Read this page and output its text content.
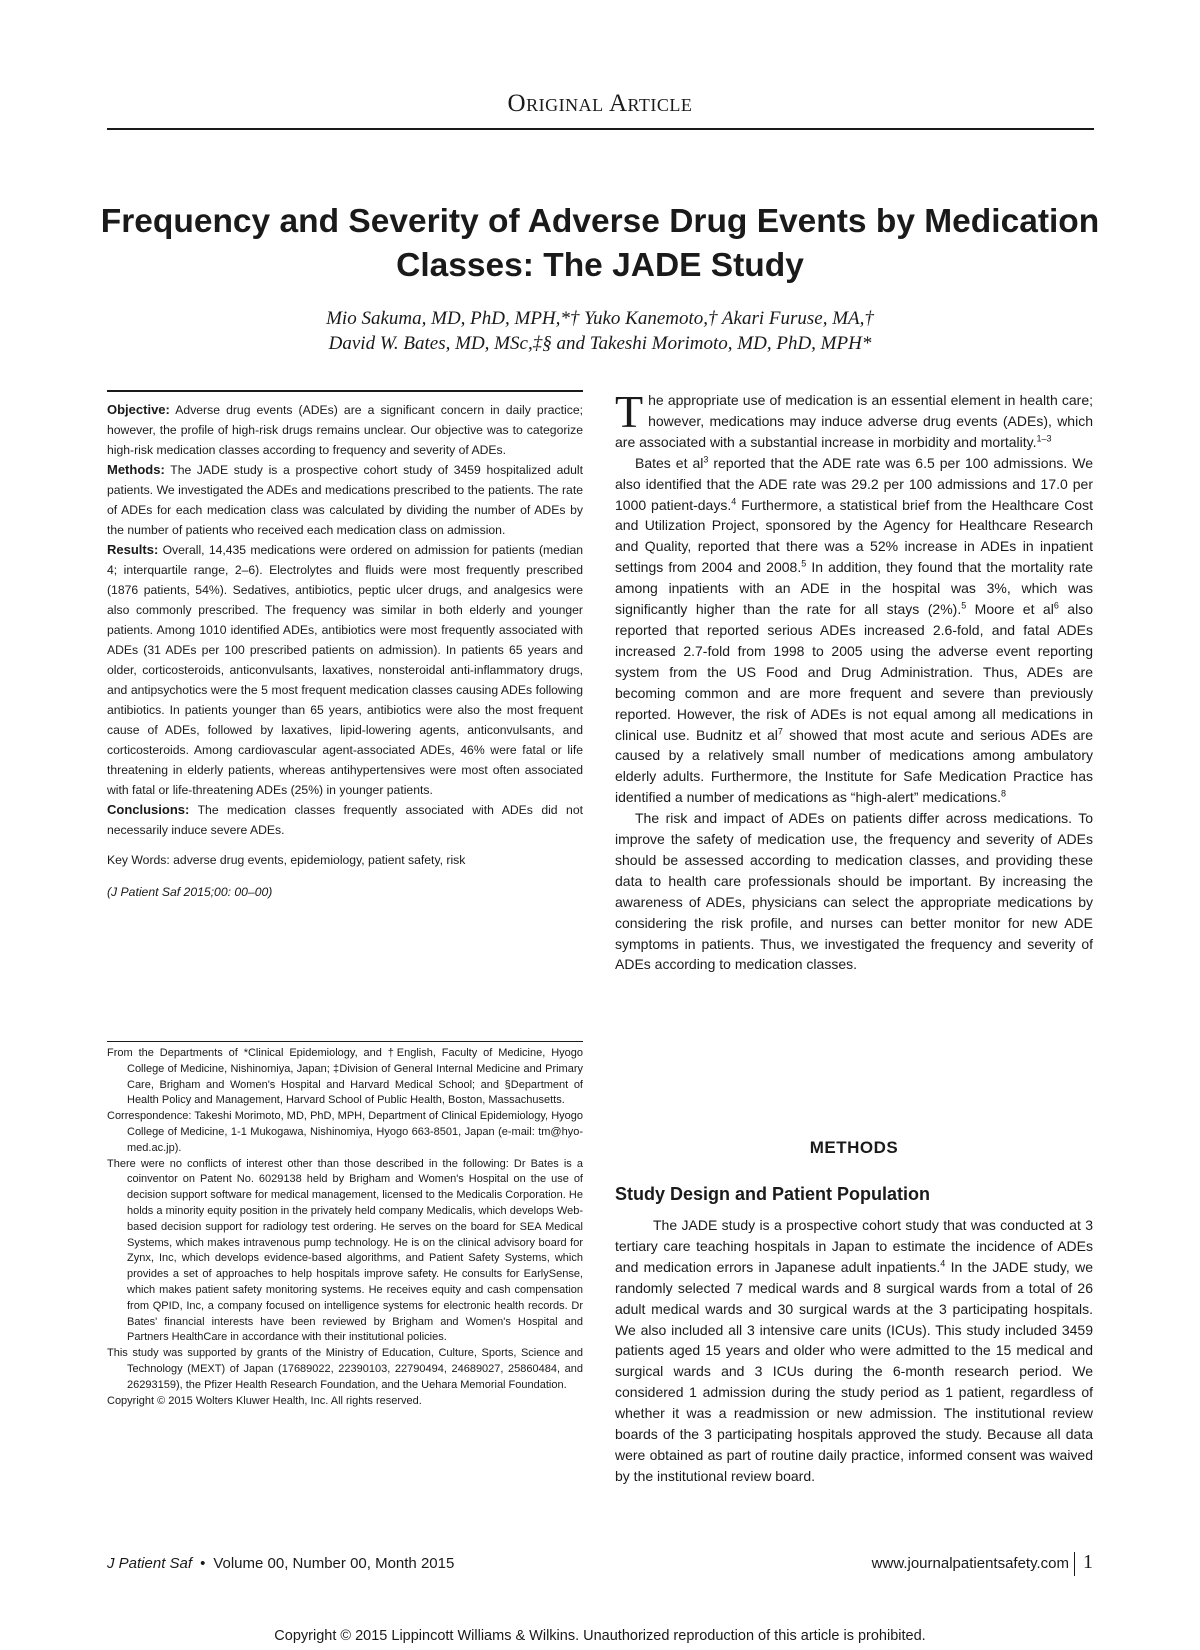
Original Article
Frequency and Severity of Adverse Drug Events by Medication Classes: The JADE Study
Mio Sakuma, MD, PhD, MPH,*† Yuko Kanemoto,† Akari Furuse, MA,†
David W. Bates, MD, MSc,‡§ and Takeshi Morimoto, MD, PhD, MPH*

Objective: Adverse drug events (ADEs) are a significant concern in daily practice; however, the profile of high-risk drugs remains unclear. Our objective was to categorize high-risk medication classes according to frequency and severity of ADEs.

Methods: The JADE study is a prospective cohort study of 3459 hospitalized adult patients. We investigated the ADEs and medications prescribed to the patients. The rate of ADEs for each medication class was calculated by dividing the number of ADEs by the number of patients who received each medication class on admission.

Results: Overall, 14,435 medications were ordered on admission for patients (median 4; interquartile range, 2–6). Electrolytes and fluids were most frequently prescribed (1876 patients, 54%). Sedatives, antibiotics, peptic ulcer drugs, and analgesics were also commonly prescribed. The frequency was similar in both elderly and younger patients. Among 1010 identified ADEs, antibiotics were most frequently associated with ADEs (31 ADEs per 100 prescribed patients on admission). In patients 65 years and older, corticosteroids, anticonvulsants, laxatives, nonsteroidal anti-inflammatory drugs, and antipsychotics were the 5 most frequent medication classes causing ADEs following antibiotics. In patients younger than 65 years, antibiotics were also the most frequent cause of ADEs, followed by laxatives, lipid-lowering agents, anticonvulsants, and corticosteroids. Among cardiovascular agent-associated ADEs, 46% were fatal or life threatening in elderly patients, whereas antihypertensives were most often associated with fatal or life-threatening ADEs (25%) in younger patients.

Conclusions: The medication classes frequently associated with ADEs did not necessarily induce severe ADEs.

Key Words: adverse drug events, epidemiology, patient safety, risk

(J Patient Saf 2015;00: 00–00)

From the Departments of *Clinical Epidemiology, and †English, Faculty of Medicine, Hyogo College of Medicine, Nishinomiya, Japan; ‡Division of General Internal Medicine and Primary Care, Brigham and Women's Hospital and Harvard Medical School; and §Department of Health Policy and Management, Harvard School of Public Health, Boston, Massachusetts.

Correspondence: Takeshi Morimoto, MD, PhD, MPH, Department of Clinical Epidemiology, Hyogo College of Medicine, 1-1 Mukogawa, Nishinomiya, Hyogo 663-8501, Japan (e-mail: tm@hyo-med.ac.jp).

There were no conflicts of interest other than those described in the following: Dr Bates is a coinventor on Patent No. 6029138 held by Brigham and Women's Hospital on the use of decision support software for medical management, licensed to the Medicalis Corporation. He holds a minority equity position in the privately held company Medicalis, which develops Web-based decision support for radiology test ordering. He serves on the board for SEA Medical Systems, which makes intravenous pump technology. He is on the clinical advisory board for Zynx, Inc, which develops evidence-based algorithms, and Patient Safety Systems, which provides a set of approaches to help hospitals improve safety. He consults for EarlySense, which makes patient safety monitoring systems. He receives equity and cash compensation from QPID, Inc, a company focused on intelligence systems for electronic health records. Dr Bates' financial interests have been reviewed by Brigham and Women's Hospital and Partners HealthCare in accordance with their institutional policies.

This study was supported by grants of the Ministry of Education, Culture, Sports, Science and Technology (MEXT) of Japan (17689022, 22390103, 22790494, 24689027, 25860484, and 26293159), the Pfizer Health Research Foundation, and the Uehara Memorial Foundation.

Copyright © 2015 Wolters Kluwer Health, Inc. All rights reserved.

The appropriate use of medication is an essential element in health care; however, medications may induce adverse drug events (ADEs), which are associated with a substantial increase in morbidity and mortality.$^{1-3}$

Bates et $al^3$ reported that the ADE rate was 6.5 per 100 admissions. We also identified that the ADE rate was 29.2 per 100 admissions and 17.0 per 1000 patient-days.$^4$ Furthermore, a statistical brief from the Healthcare Cost and Utilization Project, sponsored by the Agency for Healthcare Research and Quality, reported that there was a 52% increase in ADEs in inpatient settings from 2004 and 2008.$^5$ In addition, they found that the mortality rate among inpatients with an ADE in the hospital was 3%, which was significantly higher than the rate for all stays (2%).$^5$ Moore et $al^6$ also reported that reported serious ADEs increased 2.6-fold, and fatal ADEs increased 2.7-fold from 1998 to 2005 using the adverse event reporting system from the US Food and Drug Administration. Thus, ADEs are becoming common and are more frequent and severe than previously reported. However, the risk of ADEs is not equal among all medications in clinical use. Budnitz et $al^7$ showed that most acute and serious ADEs are caused by a relatively small number of medications among ambulatory elderly adults. Furthermore, the Institute for Safe Medication Practice has identified a number of medications as “high-alert” medications.$^8$

The risk and impact of ADEs on patients differ across medications. To improve the safety of medication use, the frequency and severity of ADEs should be assessed according to medication classes, and providing these data to health care professionals should be important. By increasing the awareness of ADEs, physicians can select the appropriate medications by considering the risk profile, and nurses can better monitor for new ADE symptoms in patients. Thus, we investigated the frequency and severity of ADEs according to medication classes.

METHODS
Study Design and Patient Population

The JADE study is a prospective cohort study that was conducted at 3 tertiary care teaching hospitals in Japan to estimate the incidence of ADEs and medication errors in Japanese adult inpatients.$^4$ In the JADE study, we randomly selected 7 medical wards and 8 surgical wards from a total of 26 adult medical wards and 30 surgical wards at the 3 participating hospitals. We also included all 3 intensive care units (ICUs). This study included 3459 patients aged 15 years and older who were admitted to the 15 medical and surgical wards and 3 ICUs during the 6-month research period. We considered 1 admission during the study period as 1 patient, regardless of whether it was a readmission or new admission. The institutional review boards of the 3 participating hospitals approved the study. Because all data were obtained as part of routine daily practice, informed consent was waived by the institutional review board.

J Patient Saf • Volume 00, Number 00, Month 2015	www.journalpatientsafety.com 1
Copyright © 2015 Lippincott Williams & Wilkins. Unauthorized reproduction of this article is prohibited.
